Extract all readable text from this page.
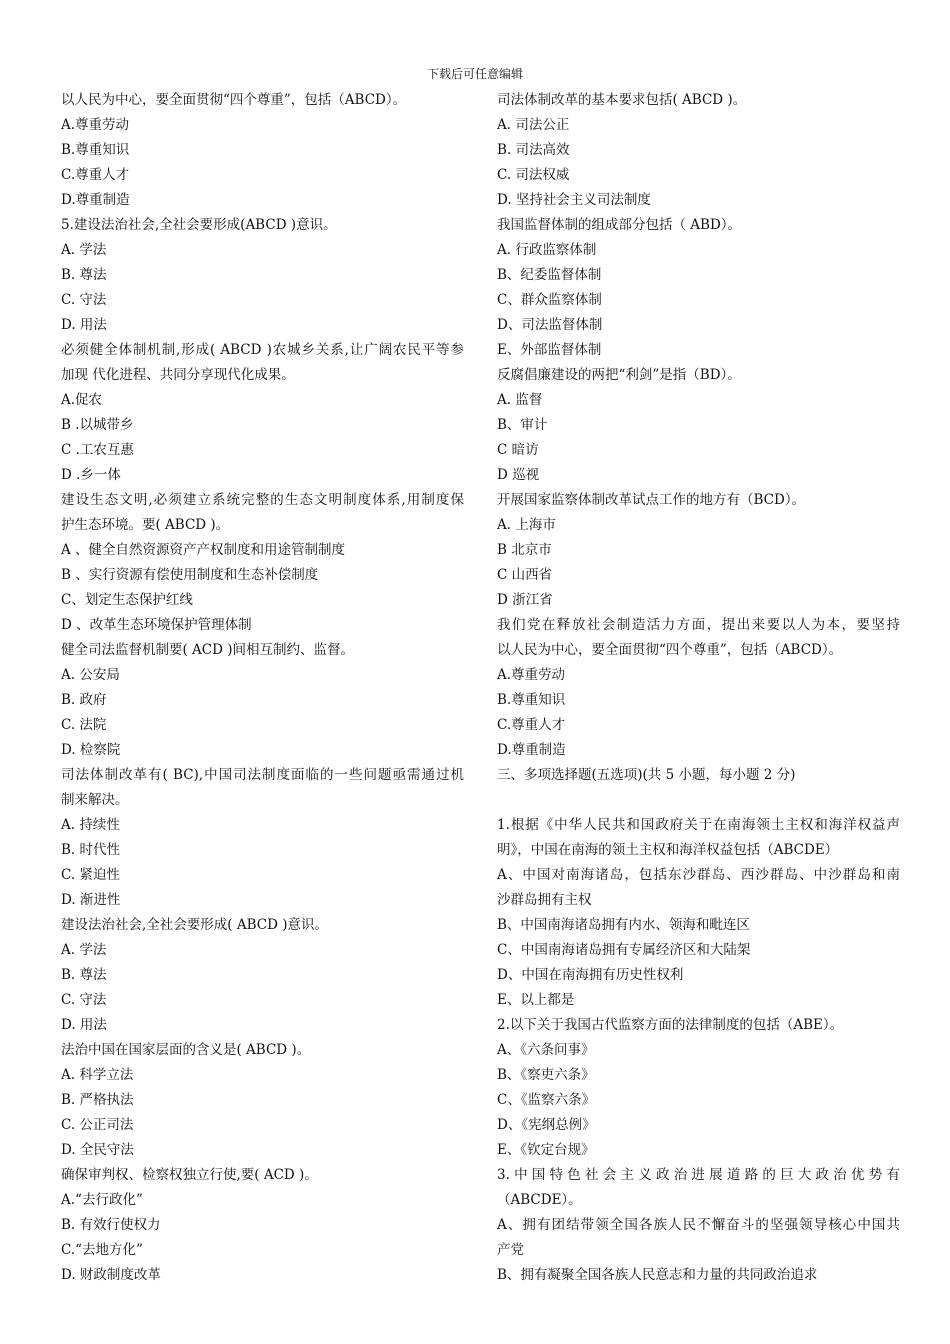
下载后可任意编辑
以人民为中心，要全面贯彻“四个尊重”，包括（ABCD）。
A.尊重劳动
B.尊重知识
C.尊重人才
D.尊重制造
5.建设法治社会,全社会要形成(ABCD )意识。
A. 学法
B. 尊法
C. 守法
D. 用法
必须健全体制机制,形成( ABCD )农城乡关系,让广阔农民平等参
加现 代化进程、共同分享现代化成果。
A.促农
B .以城带乡
C .工农互惠
D .乡一体
建设生态文明,必须建立系统完整的生态文明制度体系,用制度保
护生态环境。要( ABCD )。
A 、健全自然资源资产产权制度和用途管制制度
B 、实行资源有偿使用制度和生态补偿制度
C、划定生态保护红线
D 、改革生态环境保护管理体制
健全司法监督机制要( ACD )间相互制约、监督。
A. 公安局
B. 政府
C. 法院
D. 检察院
司法体制改革有( BC),中国司法制度面临的一些问题亟需通过机
制来解决。
A. 持续性
B. 时代性
C. 紧迫性
D. 渐进性
建设法治社会,全社会要形成( ABCD )意识。
A. 学法
B. 尊法
C. 守法
D. 用法
法治中国在国家层面的含义是( ABCD )。
A. 科学立法
B. 严格执法
C. 公正司法
D. 全民守法
确保审判权、检察权独立行使,要( ACD )。
A.“去行政化”
B. 有效行使权力
C.“去地方化”
D. 财政制度改革
司法体制改革的基本要求包括( ABCD )。
A. 司法公正
B. 司法高效
C. 司法权威
D. 坚持社会主义司法制度
我国监督体制的组成部分包括（ ABD）。
A. 行政监察体制
B、纪委监督体制
C、群众监察体制
D、司法监督体制
E、外部监督体制
反腐倡廉建设的两把“利剑”是指（BD）。
A. 监督
B、审计
C 暗访
D 巡视
开展国家监察体制改革试点工作的地方有（BCD）。
A. 上海市
B 北京市
C 山西省
D 浙江省
我们党在释放社会制造活力方面，提出来要以人为本，要坚持
以人民为中心，要全面贯彻“四个尊重”，包括（ABCD）。
A.尊重劳动
B.尊重知识
C.尊重人才
D.尊重制造
三、多项选择题(五选项)(共 5 小题，每小题 2 分)
1.根据《中华人民共和国政府关于在南海领土主权和海洋权益声
明》，中国在南海的领土主权和海洋权益包括（ABCDE）
A、中国对南海诸岛，包括东沙群岛、西沙群岛、中沙群岛和南
沙群岛拥有主权
B、中国南海诸岛拥有内水、领海和毗连区
C、中国南海诸岛拥有专属经济区和大陆架
D、中国在南海拥有历史性权利
E、以上都是
2.以下关于我国古代监察方面的法律制度的包括（ABE）。
A、《六条问事》
B、《察吏六条》
C、《监察六条》
D、《宪纲总例》
E、《钦定台规》
3.中国特色社会主义政治进展道路的巨大政治优势有
（ABCDE）。
A、拥有团结带领全国各族人民不懈奋斗的坚强领导核心中国共
产党
B、拥有凝聚全国各族人民意志和力量的共同政治追求
